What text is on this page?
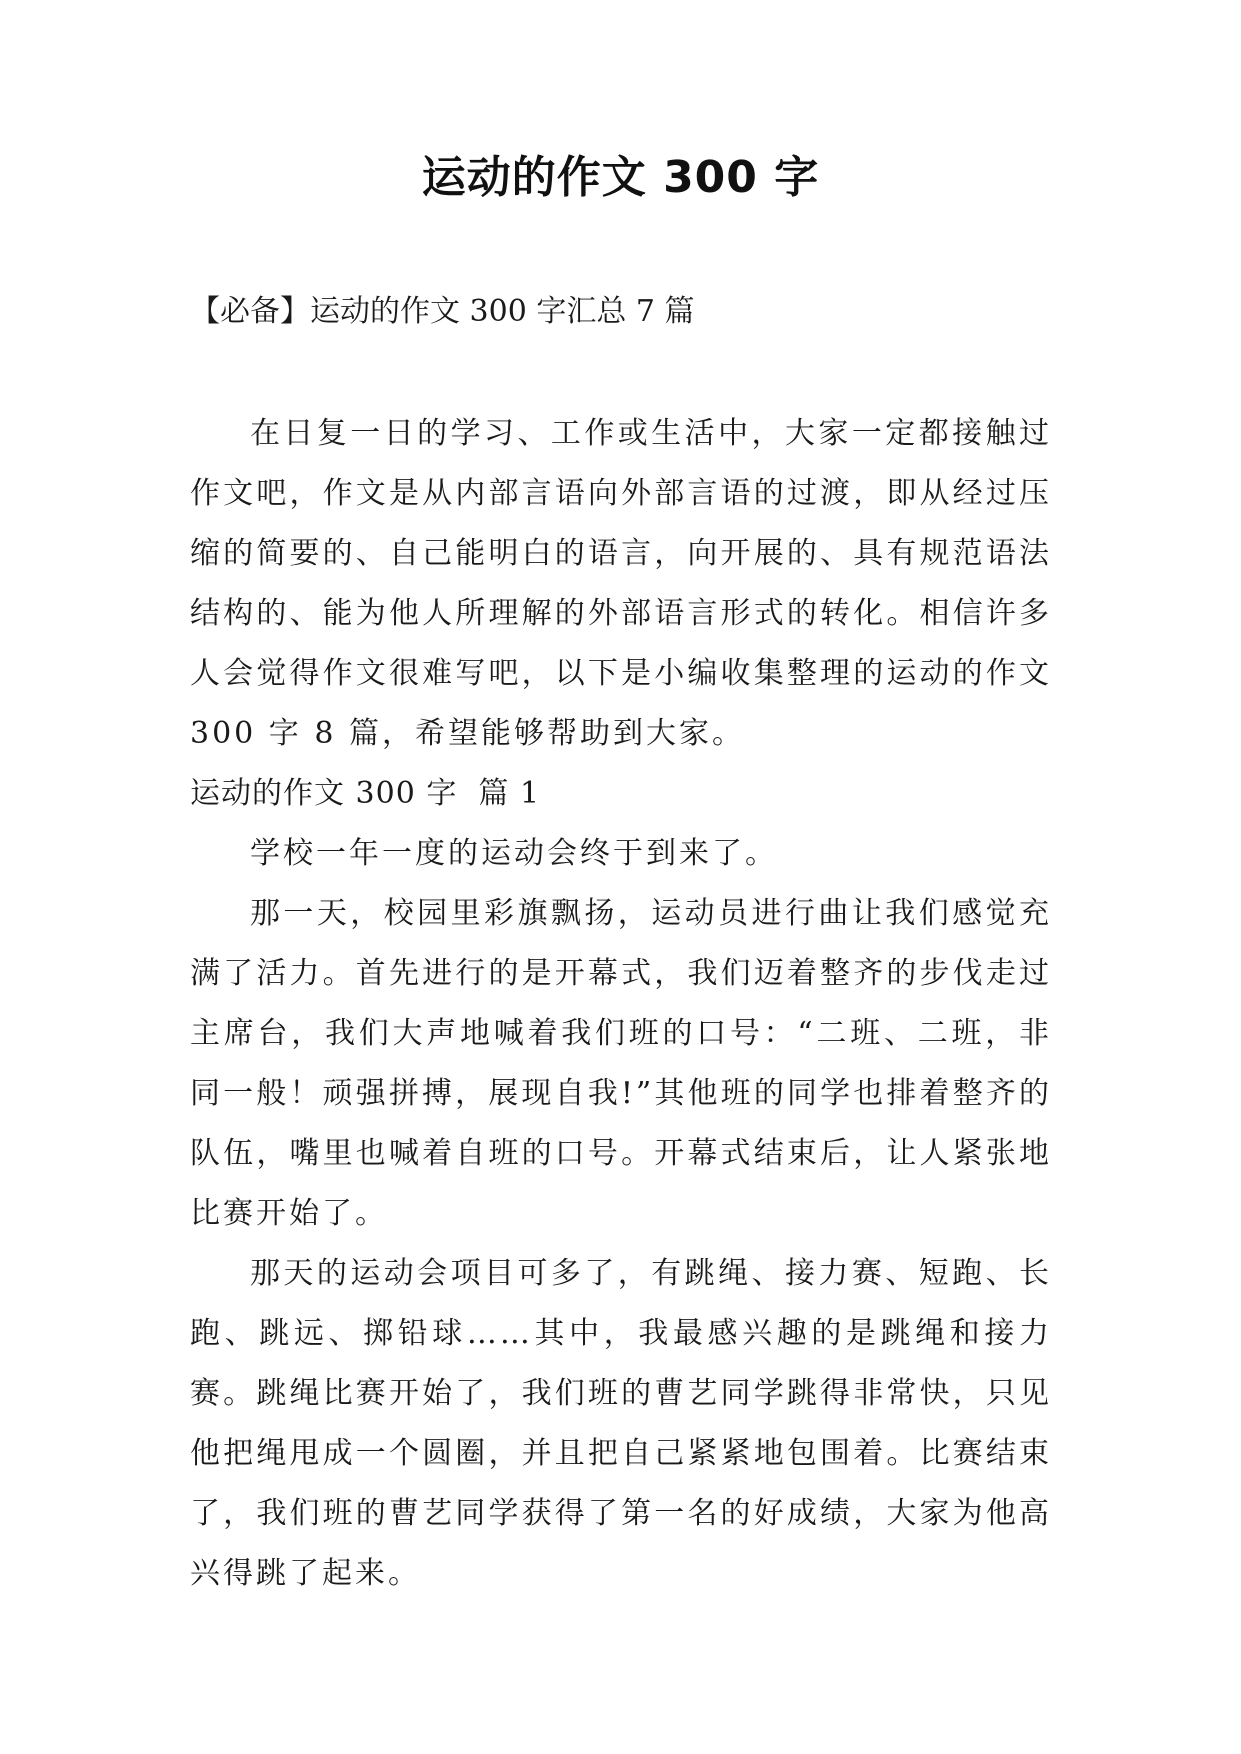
运动的作文 300 字
【必备】运动的作文 300 字汇总 7 篇

在日复一日的学习、工作或生活中，大家一定都接触过作文吧，作文是从内部言语向外部言语的过渡，即从经过压缩的简要的、自己能明白的语言，向开展的、具有规范语法结构的、能为他人所理解的外部语言形式的转化。相信许多人会觉得作文很难写吧，以下是小编收集整理的运动的作文 300 字 8 篇，希望能够帮助到大家。

运动的作文 300 字  篇 1

学校一年一度的运动会终于到来了。

那一天，校园里彩旗飘扬，运动员进行曲让我们感觉充满了活力。首先进行的是开幕式，我们迈着整齐的步伐走过主席台，我们大声地喊着我们班的口号：“二班、二班，非同一般！顽强拼搏，展现自我!”其他班的同学也排着整齐的队伍，嘴里也喊着自班的口号。开幕式结束后，让人紧张地比赛开始了。

那天的运动会项目可多了，有跳绳、接力赛、短跑、长跑、跳远、掷铅球……其中，我最感兴趣的是跳绳和接力赛。跳绳比赛开始了，我们班的曹艺同学跳得非常快，只见他把绳甩成一个圆圈，并且把自己紧紧地包围着。比赛结束了，我们班的曹艺同学获得了第一名的好成绩，大家为他高兴得跳了起来。
